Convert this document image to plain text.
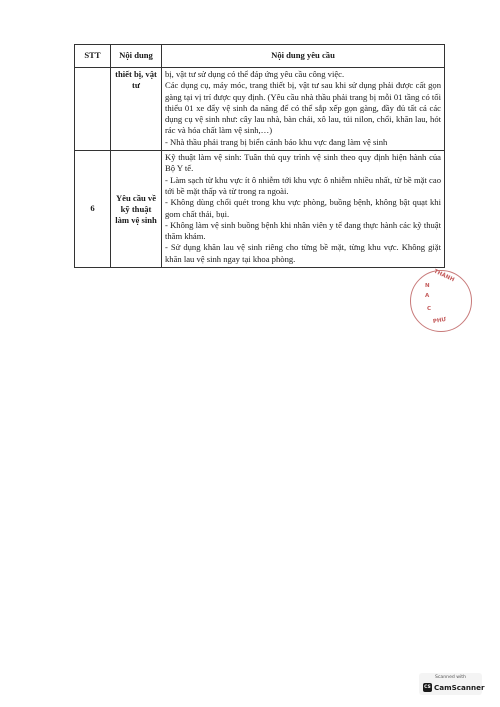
STT	Nội dung	Nội dung yêu cầu
	thiết bị, vật tư	bị, vật tư sử dụng có thể đáp ứng yêu cầu công việc.

Các dụng cụ, máy móc, trang thiết bị, vật tư sau khi sử dụng phải được cất gọn gàng tại vị trí được quy định. (Yêu cầu nhà thầu phải trang bị mỗi 01 tầng có tối thiểu 01 xe đẩy vệ sinh đa năng để có thể sắp xếp gọn gàng, đầy đủ tất cả các dụng cụ vệ sinh như: cây lau nhà, bàn chải, xô lau, túi nilon, chổi, khăn lau, hót rác và hóa chất làm vệ sinh,…)

- Nhà thầu phải trang bị biển cảnh báo khu vực đang làm vệ sinh

6	Yêu cầu về kỹ thuật làm vệ sinh	Kỹ thuật làm vệ sinh: Tuân thủ quy trình vệ sinh theo quy định hiện hành của Bộ Y tế.

- Làm sạch từ khu vực ít ô nhiễm tới khu vực ô nhiễm nhiều nhất, từ bề mặt cao tới bề mặt thấp và từ trong ra ngoài.

- Không dùng chổi quét trong khu vực phòng, buồng bệnh, không bật quạt khi gom chất thải, bụi.

- Không làm vệ sinh buồng bệnh khi nhân viên y tế đang thực hành các kỹ thuật thăm khám.

- Sử dụng khăn lau vệ sinh riêng cho từng bề mặt, từng khu vực. Không giặt khăn lau vệ sinh ngay tại khoa phòng.

THÀNH
N
A
C
PHƯ
Scanned with
CS CamScanner
